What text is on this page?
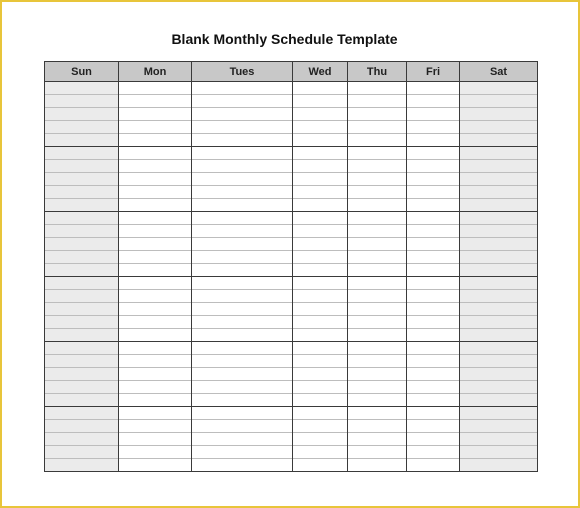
Blank Monthly Schedule Template
Sun	Mon	Tues	Wed	Thu	Fri	Sat
